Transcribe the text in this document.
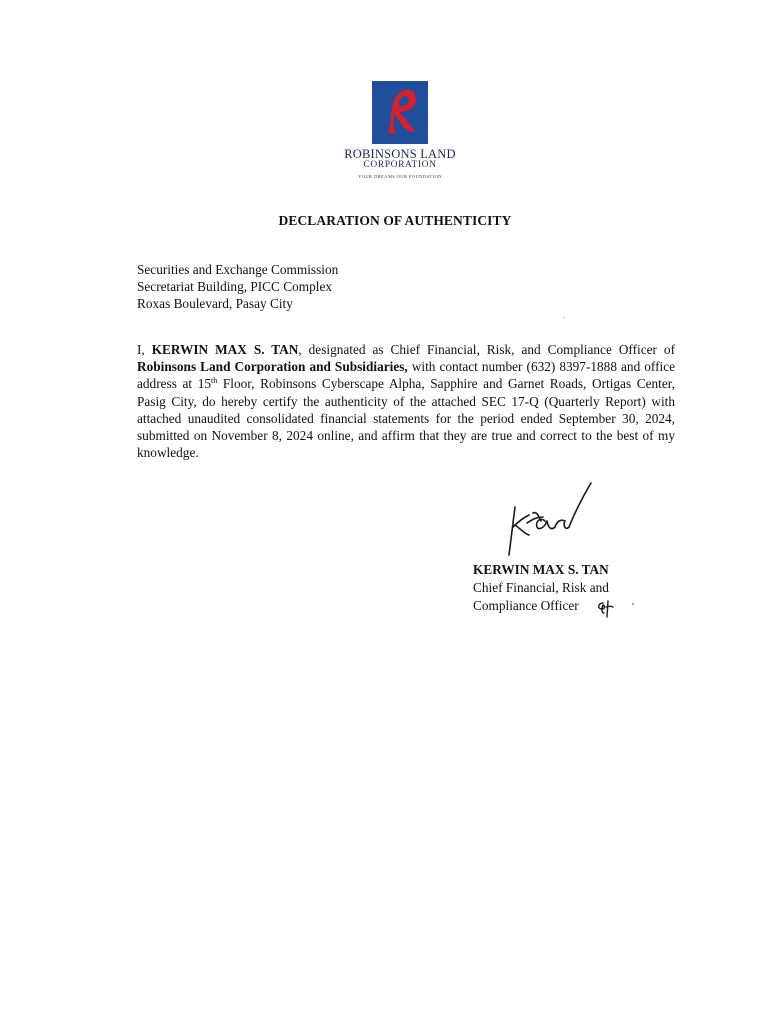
ROBINSONS LAND
CORPORATION
YOUR DREAMS OUR FOUNDATION
DECLARATION OF AUTHENTICITY
Securities and Exchange Commission
Secretariat Building, PICC Complex
Roxas Boulevard, Pasay City
I, KERWIN MAX S. TAN, designated as Chief Financial, Risk, and Compliance Officer of Robinsons Land Corporation and Subsidiaries, with contact number (632) 8397-1888 and office address at 15th Floor, Robinsons Cyberscape Alpha, Sapphire and Garnet Roads, Ortigas Center, Pasig City, do hereby certify the authenticity of the attached SEC 17-Q (Quarterly Report) with attached unaudited consolidated financial statements for the period ended September 30, 2024, submitted on November 8, 2024 online, and affirm that they are true and correct to the best of my knowledge.
KERWIN MAX S. TAN
Chief Financial, Risk and
Compliance Officer
